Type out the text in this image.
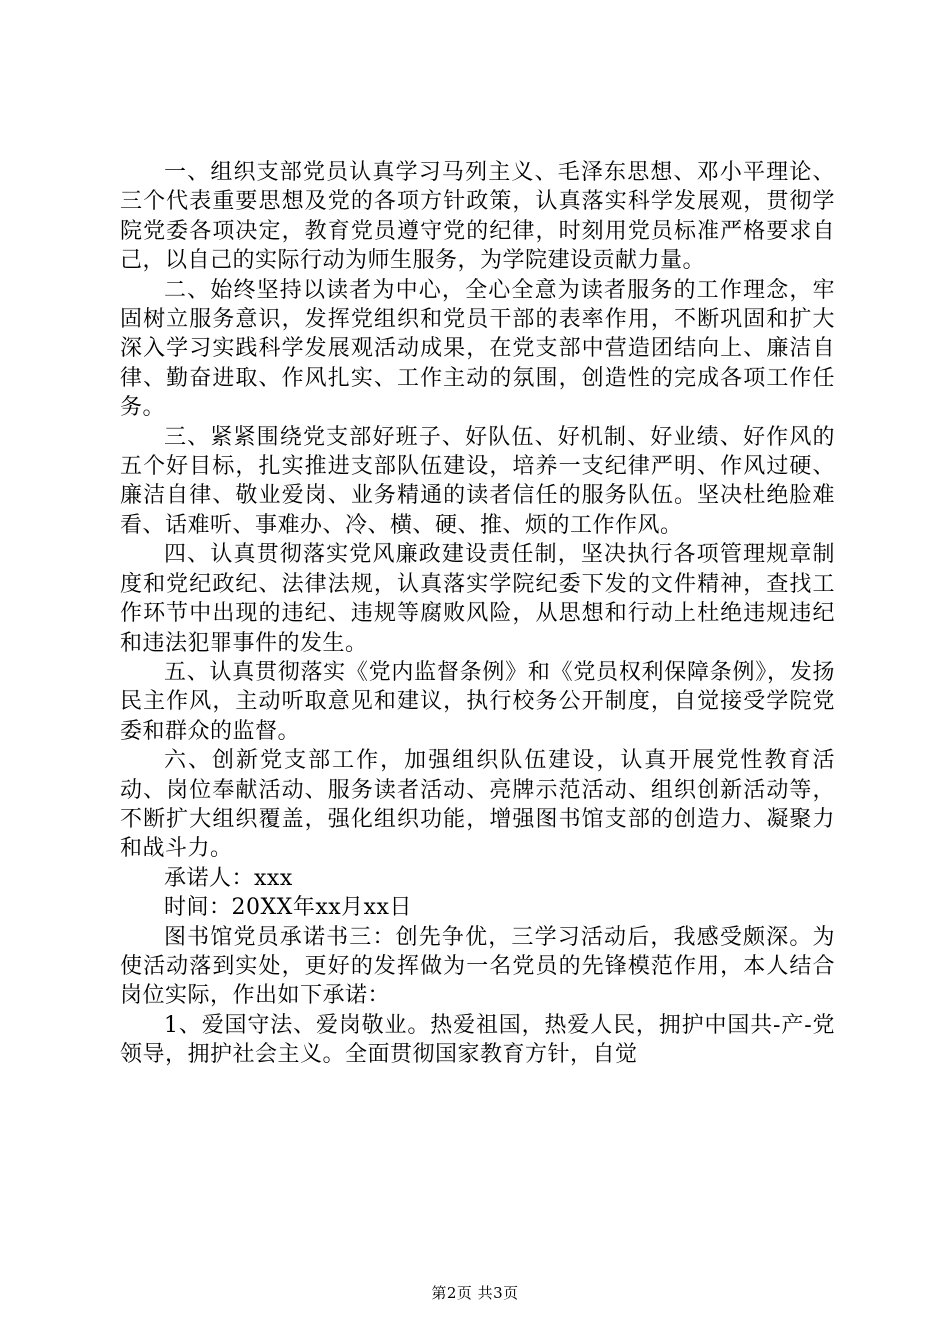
一、组织支部党员认真学习马列主义、毛泽东思想、邓小平理论、三个代表重要思想及党的各项方针政策，认真落实科学发展观，贯彻学院党委各项决定，教育党员遵守党的纪律，时刻用党员标准严格要求自己，以自己的实际行动为师生服务，为学院建设贡献力量。

二、始终坚持以读者为中心，全心全意为读者服务的工作理念，牢固树立服务意识，发挥党组织和党员干部的表率作用，不断巩固和扩大深入学习实践科学发展观活动成果，在党支部中营造团结向上、廉洁自律、勤奋进取、作风扎实、工作主动的氛围，创造性的完成各项工作任务。

三、紧紧围绕党支部好班子、好队伍、好机制、好业绩、好作风的五个好目标，扎实推进支部队伍建设，培养一支纪律严明、作风过硬、廉洁自律、敬业爱岗、业务精通的读者信任的服务队伍。坚决杜绝脸难看、话难听、事难办、冷、横、硬、推、烦的工作作风。

四、认真贯彻落实党风廉政建设责任制，坚决执行各项管理规章制度和党纪政纪、法律法规，认真落实学院纪委下发的文件精神，查找工作环节中出现的违纪、违规等腐败风险，从思想和行动上杜绝违规违纪和违法犯罪事件的发生。

五、认真贯彻落实《党内监督条例》和《党员权利保障条例》，发扬民主作风，主动听取意见和建议，执行校务公开制度，自觉接受学院党委和群众的监督。

六、创新党支部工作，加强组织队伍建设，认真开展党性教育活动、岗位奉献活动、服务读者活动、亮牌示范活动、组织创新活动等，不断扩大组织覆盖，强化组织功能，增强图书馆支部的创造力、凝聚力和战斗力。

承诺人：xxx

时间：20XX年xx月xx日

图书馆党员承诺书三：创先争优，三学习活动后，我感受颇深。为使活动落到实处，更好的发挥做为一名党员的先锋模范作用，本人结合岗位实际，作出如下承诺：

1、爱国守法、爱岗敬业。热爱祖国，热爱人民，拥护中国共-产-党领导，拥护社会主义。全面贯彻国家教育方针，自觉

第2页 共3页
